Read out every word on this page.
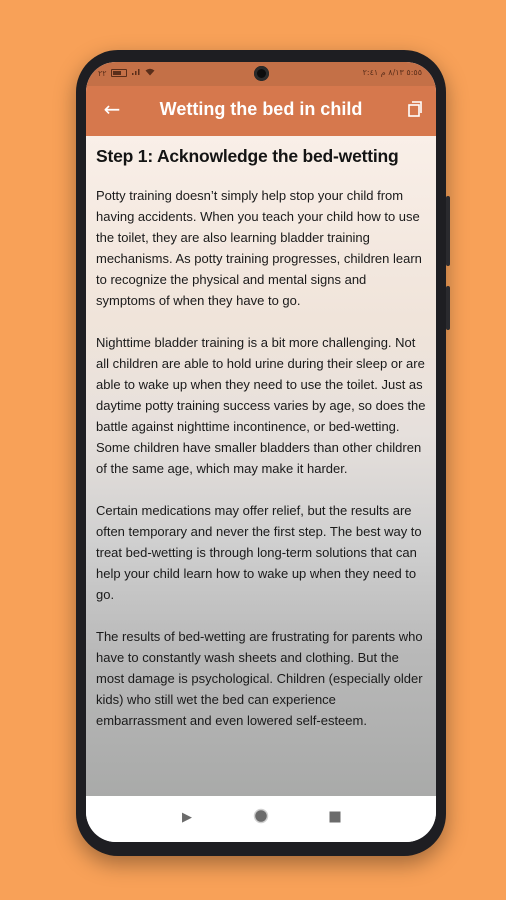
٢٢	٥:٥٥ ٨/١٣ م ٢:٤١
←	Wetting the bed in child
Step 1: Acknowledge the bed-wetting

Potty training doesn’t simply help stop your child from having accidents. When you teach your child how to use the toilet, they are also learning bladder training mechanisms. As potty training progresses, children learn to recognize the physical and mental signs and symptoms of when they have to go.

Nighttime bladder training is a bit more challenging. Not all children are able to hold urine during their sleep or are able to wake up when they need to use the toilet. Just as daytime potty training success varies by age, so does the battle against nighttime incontinence, or bed-wetting. Some children have smaller bladders than other children of the same age, which may make it harder.

Certain medications may offer relief, but the results are often temporary and never the first step. The best way to treat bed-wetting is through long-term solutions that can help your child learn how to wake up when they need to go.

The results of bed-wetting are frustrating for parents who have to constantly wash sheets and clothing. But the most damage is psychological. Children (especially older kids) who still wet the bed can experience embarrassment and even lowered self-esteem.

▶
